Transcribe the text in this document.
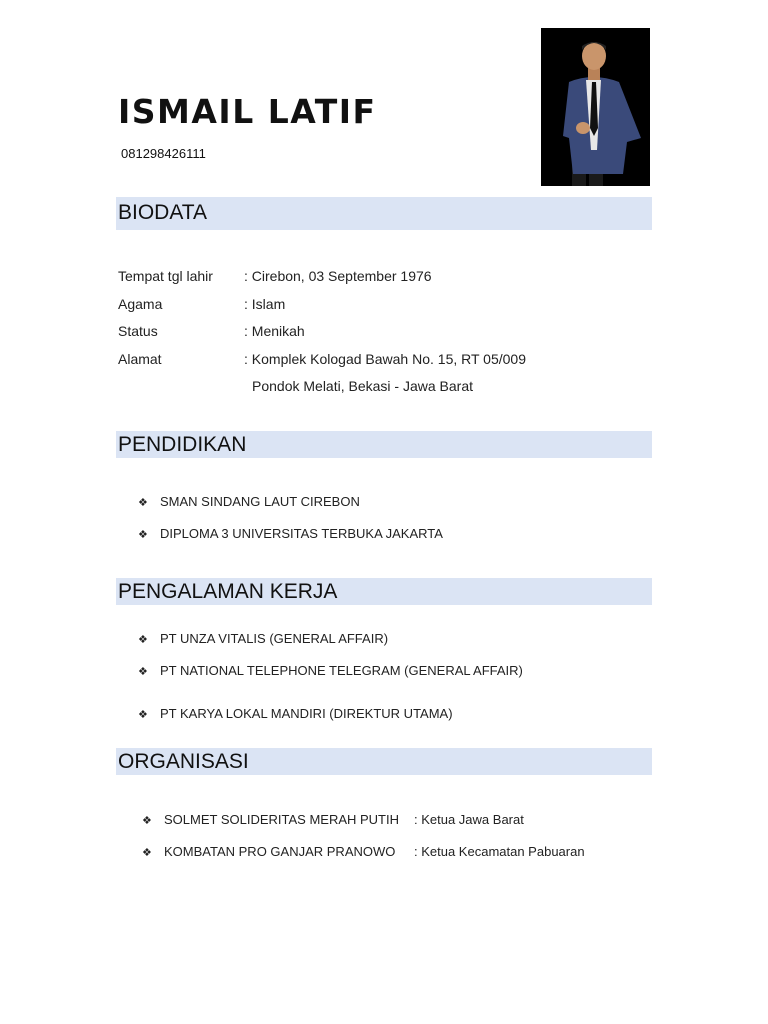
ISMAIL LATIF
081298426111
BIODATA
Tempat tgl lahir : Cirebon, 03 September 1976
Agama	: Islam
Status	: Menikah
Alamat	: Komplek Kologad Bawah No. 15, RT 05/009
Pondok Melati, Bekasi - Jawa Barat
PENDIDIKAN
❖ SMAN SINDANG LAUT CIREBON
❖ DIPLOMA 3 UNIVERSITAS TERBUKA JAKARTA
PENGALAMAN KERJA
❖ PT UNZA VITALIS (GENERAL AFFAIR)
❖ PT NATIONAL TELEPHONE TELEGRAM (GENERAL AFFAIR)
❖ PT KARYA LOKAL MANDIRI (DIREKTUR UTAMA)
ORGANISASI
❖ SOLMET SOLIDERITAS MERAH PUTIH : Ketua Jawa Barat
❖ KOMBATAN PRO GANJAR PRANOWO : Ketua Kecamatan Pabuaran
